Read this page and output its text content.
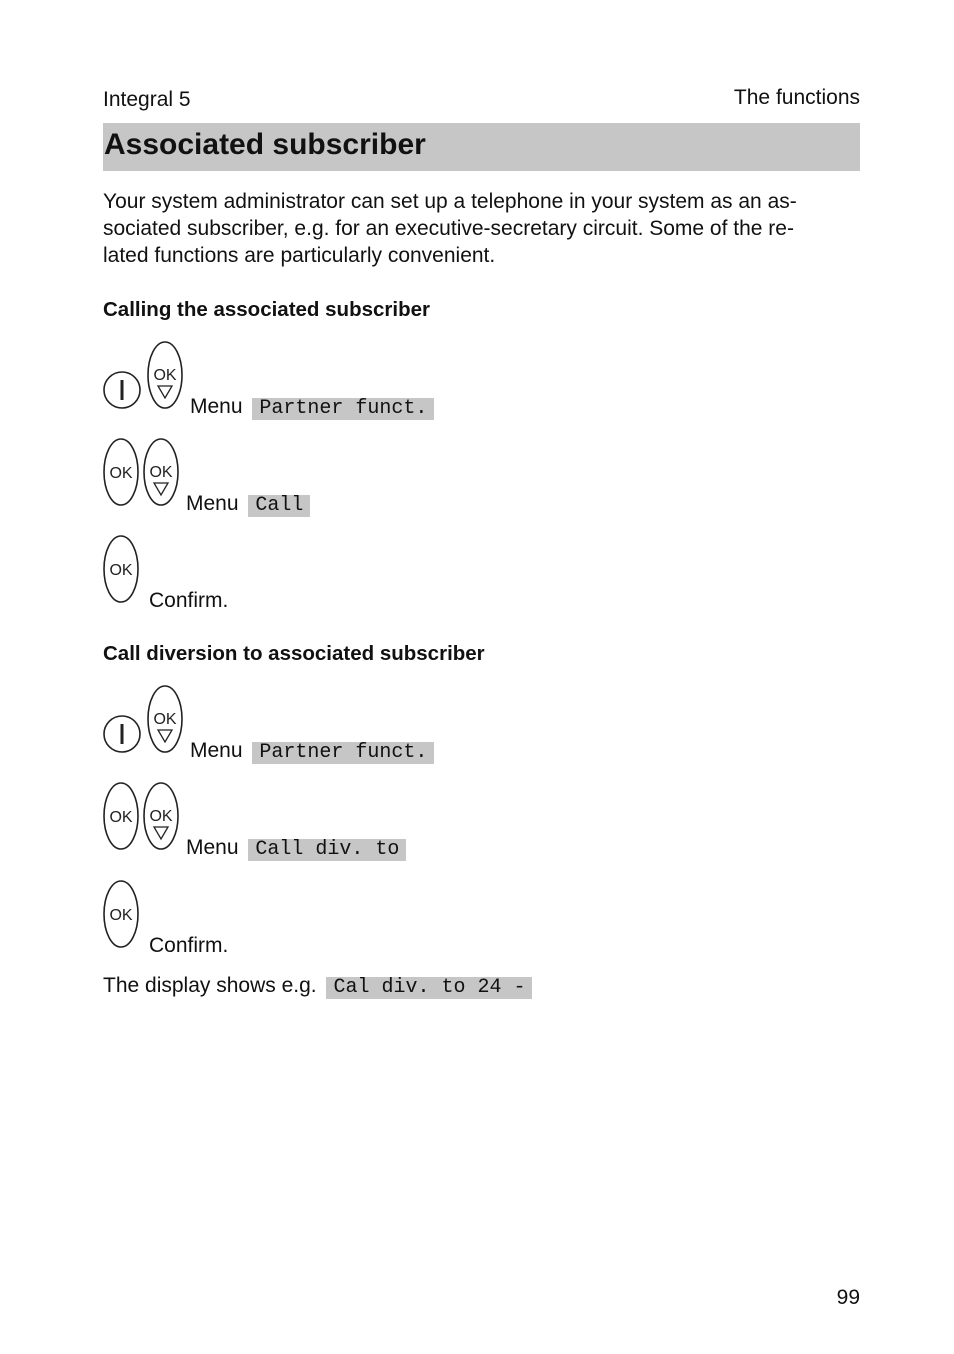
Integral 5	The functions
Associated subscriber

Your system administrator can set up a telephone in your system as an as-
sociated subscriber, e.g. for an executive-secretary circuit. Some of the re-
lated functions are particularly convenient.

Calling the associated subscriber
OK
Menu Partner funct.
OK OK
Menu Call
OK
Confirm.
Call diversion to associated subscriber
OK
Menu Partner funct.
OK OK
Menu Call div. to
OK
Confirm.
The display shows e.g. Cal div. to 24 -
99
